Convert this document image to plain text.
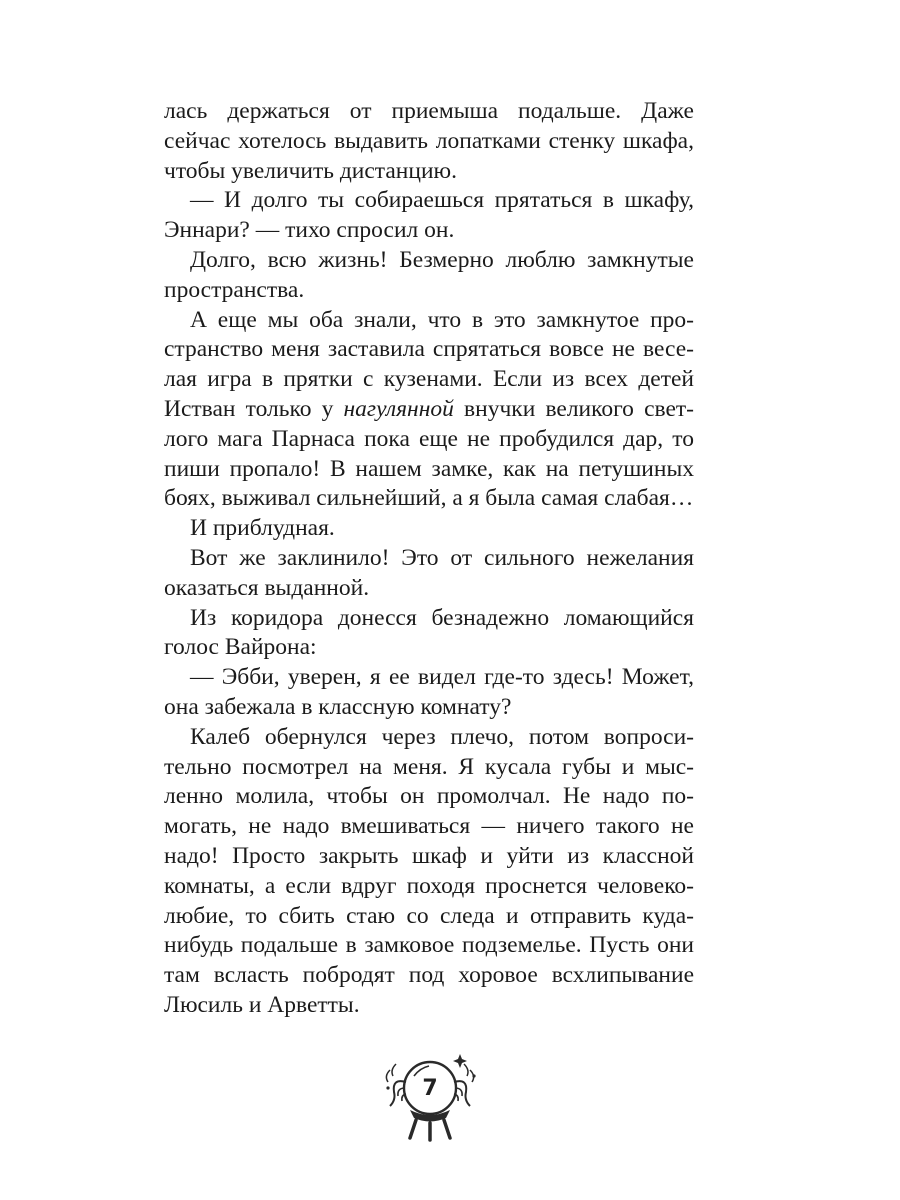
лась держаться от приемыша подальше. Даже сейчас хотелось выдавить лопатками стенку шкафа, чтобы увеличить дистанцию.

— И долго ты собираешься прятаться в шкафу, Эннари? — тихо спросил он.

Долго, всю жизнь! Безмерно люблю замкнутые пространства.

А еще мы оба знали, что в это замкнутое пространство меня заставила спрятаться вовсе не веселая игра в прятки с кузенами. Если из всех детей Истван только у нагулянной внучки великого светлого мага Парнаса пока еще не пробудился дар, то пиши пропало! В нашем замке, как на петушиных боях, выживал сильнейший, а я была самая слабая…

И приблудная.

Вот же заклинило! Это от сильного нежелания оказаться выданной.

Из коридора донесся безнадежно ломающийся голос Вайрона:

— Эбби, уверен, я ее видел где-то здесь! Может, она забежала в классную комнату?

Калеб обернулся через плечо, потом вопросительно посмотрел на меня. Я кусала губы и мысленно молила, чтобы он промолчал. Не надо помогать, не надо вмешиваться — ничего такого не надо! Просто закрыть шкаф и уйти из классной комнаты, а если вдруг походя проснется человеколюбие, то сбить стаю со следа и отправить куданибудь подальше в замковое подземелье. Пусть они там всласть побродят под хоровое всхлипывание Люсиль и Арветты.

7
